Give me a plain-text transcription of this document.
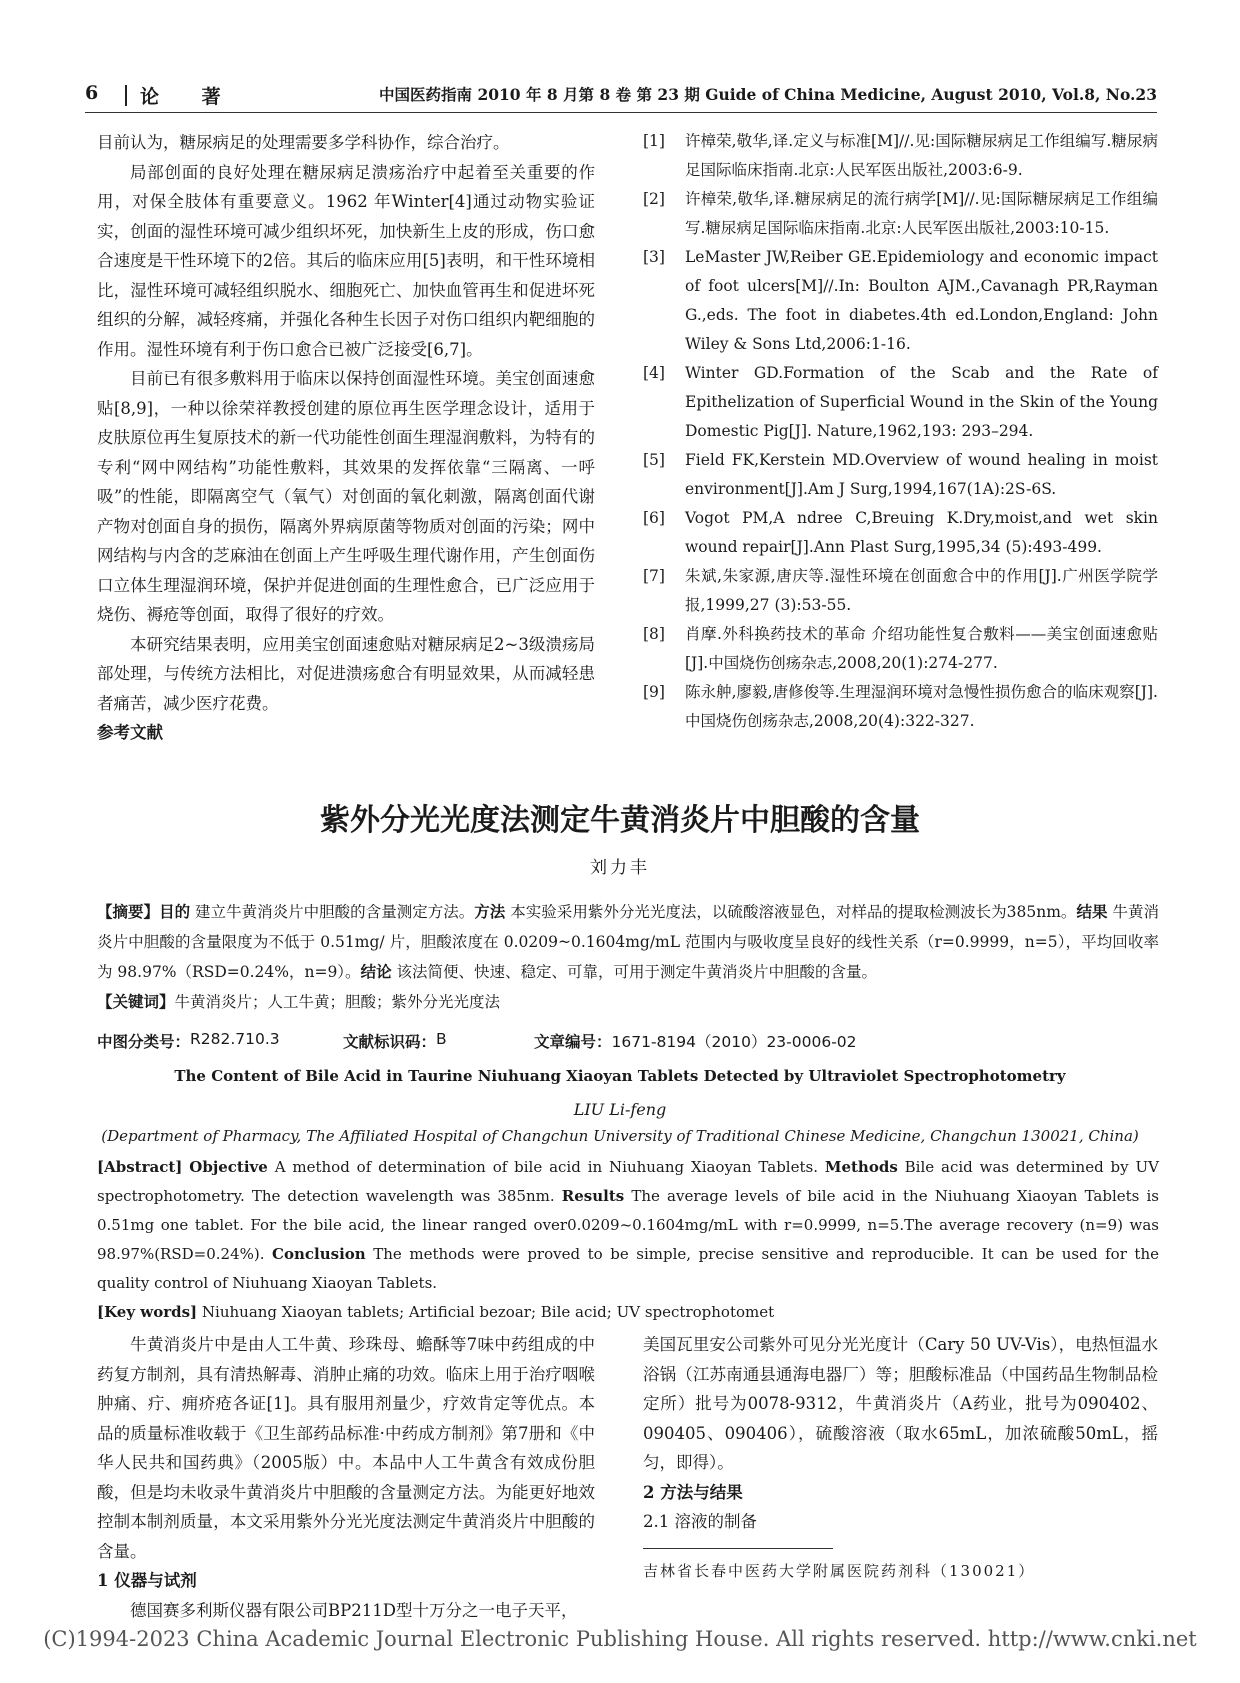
6 论 著	中国医药指南 2010 年 8 月第 8 卷 第 23 期 Guide of China Medicine, August 2010, Vol.8, No.23

目前认为，糖尿病足的处理需要多学科协作，综合治疗。

局部创面的良好处理在糖尿病足溃疡治疗中起着至关重要的作用，对保全肢体有重要意义。1962 年Winter[4]通过动物实验证实，创面的湿性环境可减少组织坏死，加快新生上皮的形成，伤口愈合速度是干性环境下的2倍。其后的临床应用[5]表明，和干性环境相比，湿性环境可减轻组织脱水、细胞死亡、加快血管再生和促进坏死组织的分解，减轻疼痛，并强化各种生长因子对伤口组织内靶细胞的作用。湿性环境有利于伤口愈合已被广泛接受[6,7]。

目前已有很多敷料用于临床以保持创面湿性环境。美宝创面速愈贴[8,9]，一种以徐荣祥教授创建的原位再生医学理念设计，适用于皮肤原位再生复原技术的新一代功能性创面生理湿润敷料，为特有的专利“网中网结构”功能性敷料，其效果的发挥依靠“三隔离、一呼吸”的性能，即隔离空气（氧气）对创面的氧化刺激，隔离创面代谢产物对创面自身的损伤，隔离外界病原菌等物质对创面的污染；网中网结构与内含的芝麻油在创面上产生呼吸生理代谢作用，产生创面伤口立体生理湿润环境，保护并促进创面的生理性愈合，已广泛应用于烧伤、褥疮等创面，取得了很好的疗效。

本研究结果表明，应用美宝创面速愈贴对糖尿病足2~3级溃疡局部处理，与传统方法相比，对促进溃疡愈合有明显效果，从而减轻患者痛苦，减少医疗花费。

参考文献

[1]	许樟荣,敬华,译.定义与标准[M]//.见:国际糖尿病足工作组编写.糖尿病足国际临床指南.北京:人民军医出版社,2003:6-9.
[2]	许樟荣,敬华,译.糖尿病足的流行病学[M]//.见:国际糖尿病足工作组编写.糖尿病足国际临床指南.北京:人民军医出版社,2003:10-15.
[3]	LeMaster JW,Reiber GE.Epidemiology and economic impact of foot ulcers[M]//.In: Boulton AJM.,Cavanagh PR,Rayman G.,eds. The foot in diabetes.4th ed.London,England: John Wiley & Sons Ltd,2006:1-16.
[4]	Winter GD.Formation of the Scab and the Rate of Epithelization of Superficial Wound in the Skin of the Young Domestic Pig[J]. Nature,1962,193: 293–294.
[5]	Field FK,Kerstein MD.Overview of wound healing in moist environment[J].Am J Surg,1994,167(1A):2S-6S.
[6]	Vogot PM,A ndree C,Breuing K.Dry,moist,and wet skin wound repair[J].Ann Plast Surg,1995,34 (5):493-499.
[7]	朱斌,朱家源,唐庆等.湿性环境在创面愈合中的作用[J].广州医学院学报,1999,27 (3):53-55.
[8]	肖摩.外科换药技术的革命 介绍功能性复合敷料——美宝创面速愈贴[J].中国烧伤创疡杂志,2008,20(1):274-277.
[9]	陈永舯,廖毅,唐修俊等.生理湿润环境对急慢性损伤愈合的临床观察[J].中国烧伤创疡杂志,2008,20(4):322-327.
紫外分光光度法测定牛黄消炎片中胆酸的含量
刘力丰
【摘要】目的 建立牛黄消炎片中胆酸的含量测定方法。方法 本实验采用紫外分光光度法，以硫酸溶液显色，对样品的提取检测波长为385nm。结果 牛黄消炎片中胆酸的含量限度为不低于 0.51mg/ 片，胆酸浓度在 0.0209~0.1604mg/mL 范围内与吸收度呈良好的线性关系（r=0.9999，n=5），平均回收率为 98.97%（RSD=0.24%，n=9）。结论 该法简便、快速、稳定、可靠，可用于测定牛黄消炎片中胆酸的含量。
【关键词】牛黄消炎片；人工牛黄；胆酸；紫外分光光度法
中图分类号： R282.710.3	文献标识码： B	文章编号： 1671-8194（2010）23-0006-02
The Content of Bile Acid in Taurine Niuhuang Xiaoyan Tablets Detected by Ultraviolet Spectrophotometry
LIU Li-feng
(Department of Pharmacy, The Affiliated Hospital of Changchun University of Traditional Chinese Medicine, Changchun 130021, China)
[Abstract] Objective A method of determination of bile acid in Niuhuang Xiaoyan Tablets. Methods Bile acid was determined by UV spectrophotometry. The detection wavelength was 385nm. Results The average levels of bile acid in the Niuhuang Xiaoyan Tablets is 0.51mg one tablet. For the bile acid, the linear ranged over0.0209~0.1604mg/mL with r=0.9999, n=5.The average recovery (n=9) was 98.97%(RSD=0.24%). Conclusion The methods were proved to be simple, precise sensitive and reproducible. It can be used for the quality control of Niuhuang Xiaoyan Tablets.
[Key words] Niuhuang Xiaoyan tablets; Artificial bezoar; Bile acid; UV spectrophotomet

牛黄消炎片中是由人工牛黄、珍珠母、蟾酥等7味中药组成的中药复方制剂，具有清热解毒、消肿止痛的功效。临床上用于治疗咽喉肿痛、疔、痈疥疮各证[1]。具有服用剂量少，疗效肯定等优点。本品的质量标准收载于《卫生部药品标准·中药成方制剂》第7册和《中华人民共和国药典》（2005版）中。本品中人工牛黄含有效成份胆酸，但是均未收录牛黄消炎片中胆酸的含量测定方法。为能更好地效控制本制剂质量，本文采用紫外分光光度法测定牛黄消炎片中胆酸的含量。

1 仪器与试剂

德国赛多利斯仪器有限公司BP211D型十万分之一电子天平，

美国瓦里安公司紫外可见分光光度计（Cary 50 UV-Vis），电热恒温水浴锅（江苏南通县通海电器厂）等；胆酸标准品（中国药品生物制品检定所）批号为0078-9312，牛黄消炎片（A药业，批号为090402、090405、090406），硫酸溶液（取水65mL，加浓硫酸50mL，摇匀，即得）。

2 方法与结果

2.1 溶液的制备

吉林省长春中医药大学附属医院药剂科（130021）
(C)1994-2023 China Academic Journal Electronic Publishing House. All rights reserved. http://www.cnki.net
